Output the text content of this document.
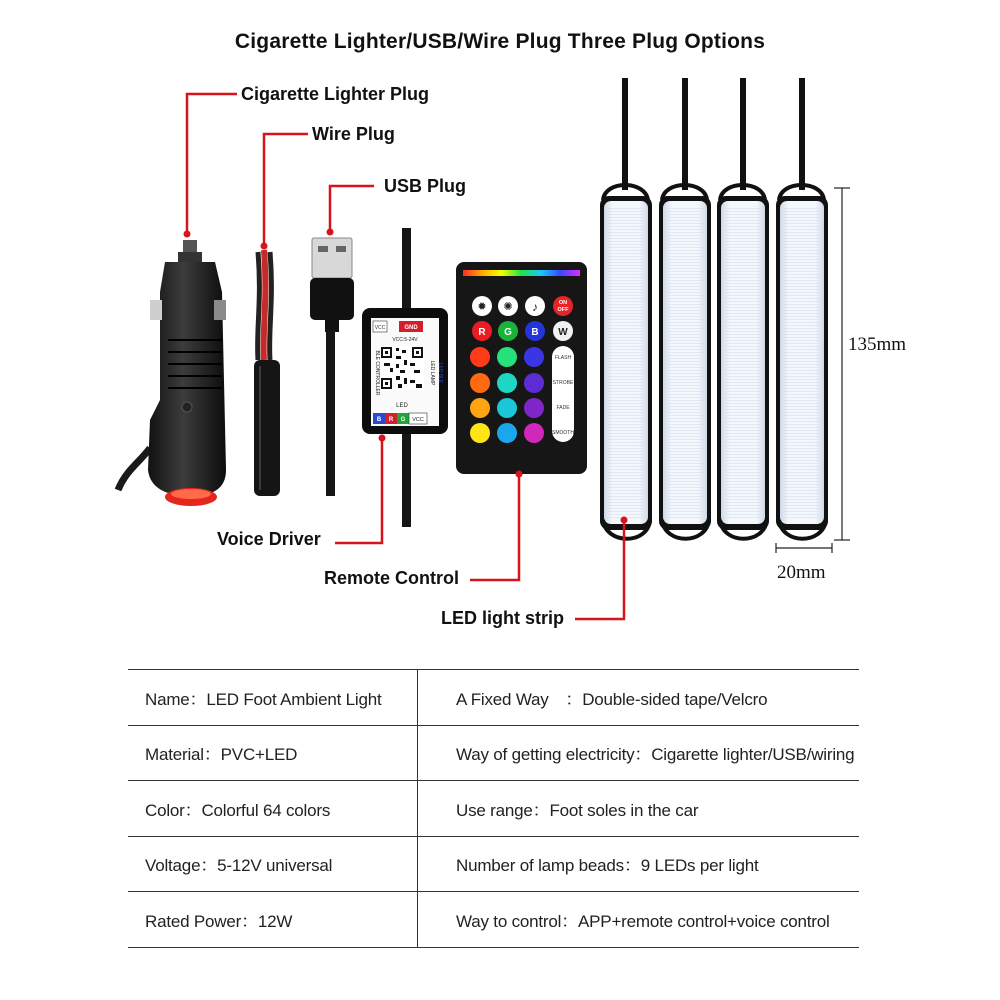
Cigarette Lighter/USB/Wire Plug Three Plug Options
VCC	GND
VCC:5-24V
BLE CONTROLLER	LED LAMP LED BLE
LED
B R G VCC
✹ ✺ ♪	ON
OFF
R G B W
FLASH
STROBE
FADE
SMOOTH
Cigarette Lighter Plug
Wire Plug
USB Plug
Voice Driver
Remote Control
LED light strip
135mm
20mm
Name：LED Foot Ambient Light	A Fixed Way　：Double-sided tape/Velcro
Material：PVC+LED	Way of getting electricity：Cigarette lighter/USB/wiring
Color：Colorful 64 colors	Use range：Foot soles in the car
Voltage：5-12V universal	Number of lamp beads：9 LEDs per light
Rated Power：12W	Way to control：APP+remote control+voice control
